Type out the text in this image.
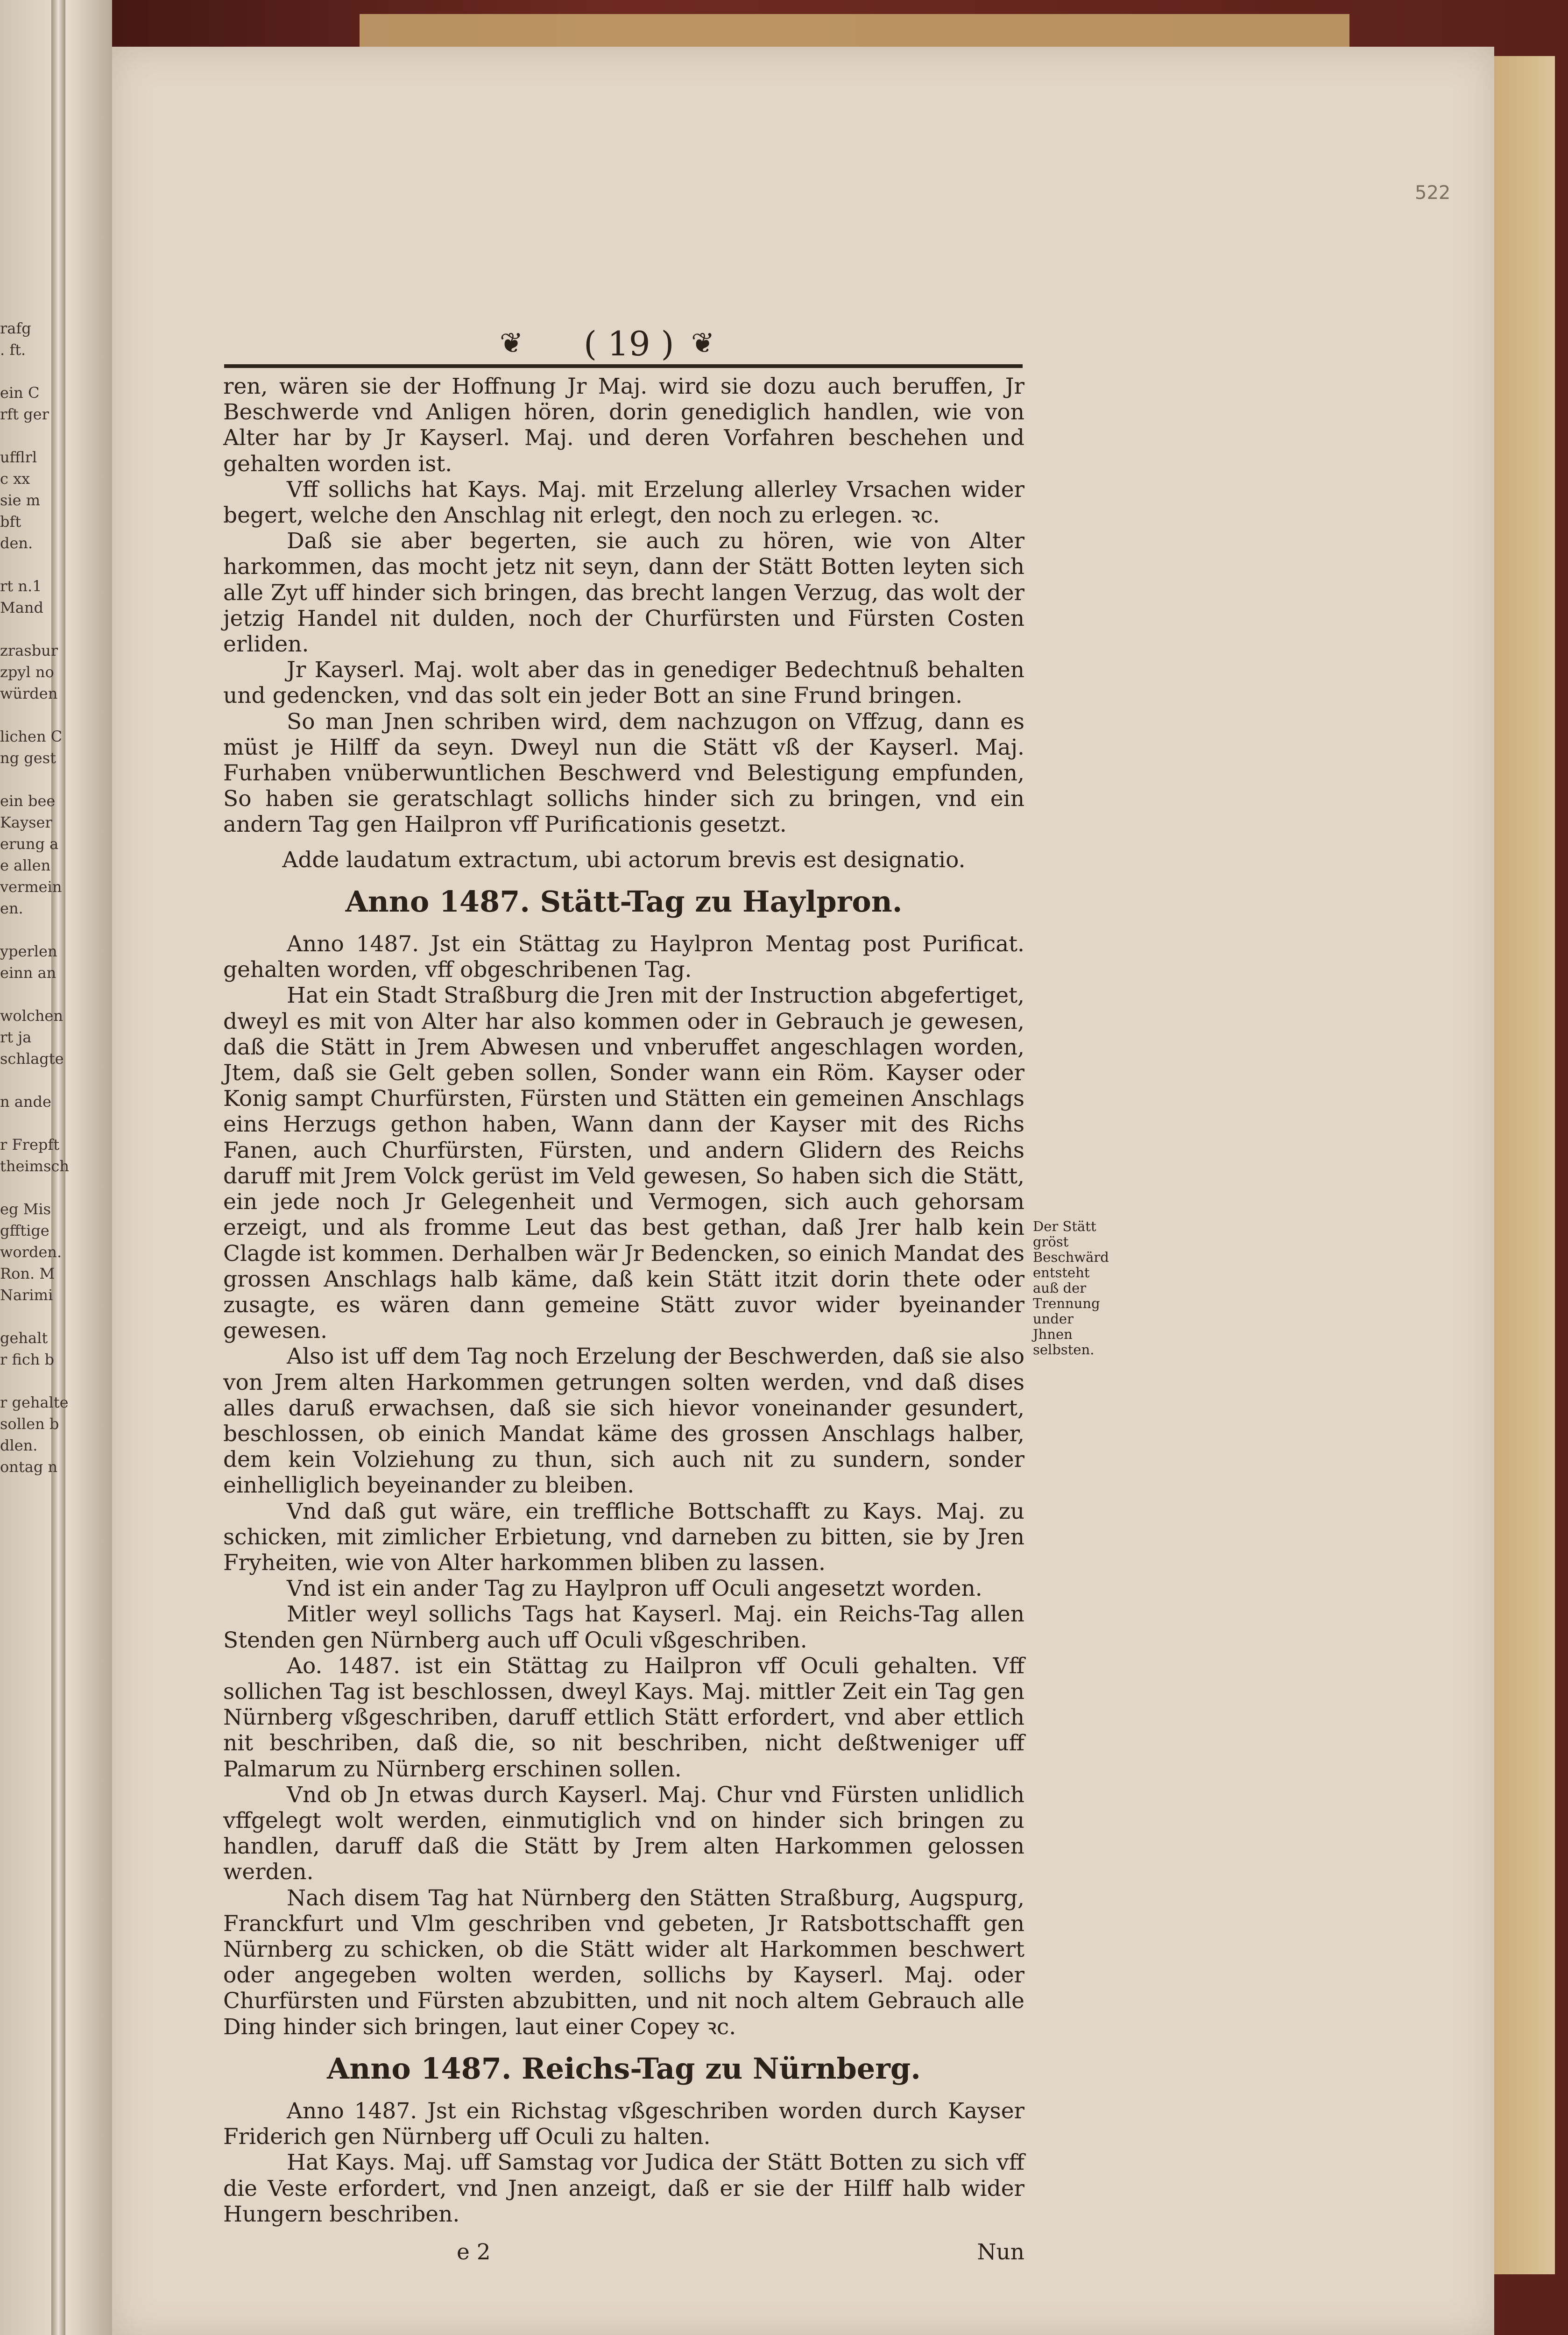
rafg
. ft.

ein C
rft ger

ufflrl
c xx
sie m
bft
den.

rt n.1
Mand

zrasbur
zpyl no
würden

lichen C
ng gest

ein bee
Kayser
erung a
e allen
vermein
en.

yperlen
einn an

wolchen
rt ja
schlagte

n ande

r Frepft
theimsch

eg Mis
gfftige
worden.
Ron. M
Narimi

gehalt
r fich b

r gehalte
sollen b
dlen.
ontag n
522
❦ ( 19 ) ❦

ren, wären sie der Hoffnung Jr Maj. wird sie dozu auch beruffen, Jr Beschwerde vnd Anligen hören, dorin genediglich handlen, wie von Alter har by Jr Kayserl. Maj. und deren Vorfahren beschehen und gehalten worden ist.

Vff sollichs hat Kays. Maj. mit Erzelung allerley Vrsachen wider begert, welche den Anschlag nit erlegt, den noch zu erlegen. ꝛc.

Daß sie aber begerten, sie auch zu hören, wie von Alter harkommen, das mocht jetz nit seyn, dann der Stätt Botten leyten sich alle Zyt uff hinder sich bringen, das brecht langen Verzug, das wolt der jetzig Handel nit dulden, noch der Churfürsten und Fürsten Costen erliden.

Jr Kayserl. Maj. wolt aber das in genediger Bedechtnuß behalten und gedencken, vnd das solt ein jeder Bott an sine Frund bringen.

So man Jnen schriben wird, dem nachzugon on Vffzug, dann es müst je Hilff da seyn. Dweyl nun die Stätt vß der Kayserl. Maj. Furhaben vnüberwuntlichen Beschwerd vnd Belestigung empfunden, So haben sie geratschlagt sollichs hinder sich zu bringen, vnd ein andern Tag gen Hailpron vff Purificationis gesetzt.

Adde laudatum extractum, ubi actorum brevis est designatio.

Anno 1487. Stätt-Tag zu Haylpron.

Anno 1487. Jst ein Stättag zu Haylpron Mentag post Purificat. gehalten worden, vff obgeschribenen Tag.

Hat ein Stadt Straßburg die Jren mit der Instruction abgefertiget, dweyl es mit von Alter har also kommen oder in Gebrauch je gewesen, daß die Stätt in Jrem Abwesen und vnberuffet angeschlagen worden, Jtem, daß sie Gelt geben sollen, Sonder wann ein Röm. Kayser oder Konig sampt Churfürsten, Fürsten und Stätten ein gemeinen Anschlags eins Herzugs gethon haben, Wann dann der Kayser mit des Richs Fanen, auch Churfürsten, Fürsten, und andern Glidern des Reichs daruff mit Jrem Volck gerüst im Veld gewesen, So haben sich die Stätt, ein jede noch Jr Gelegenheit und Vermogen, sich auch gehorsam erzeigt, und als fromme Leut das best gethan, daß Jrer halb kein Clagde ist kommen. Derhalben wär Jr Bedencken, so einich Mandat des grossen Anschlags halb käme, daß kein Stätt itzit dorin thete oder zusagte, es wären dann gemeine Stätt zuvor wider byeinander gewesen.

Also ist uff dem Tag noch Erzelung der Beschwerden, daß sie also von Jrem alten Harkommen getrungen solten werden, vnd daß dises alles daruß erwachsen, daß sie sich hievor voneinander gesundert, beschlossen, ob einich Mandat käme des grossen Anschlags halber, dem kein Volziehung zu thun, sich auch nit zu sundern, sonder einhelliglich beyeinander zu bleiben.

Vnd daß gut wäre, ein treffliche Bottschafft zu Kays. Maj. zu schicken, mit zimlicher Erbietung, vnd darneben zu bitten, sie by Jren Fryheiten, wie von Alter harkommen bliben zu lassen.

Vnd ist ein ander Tag zu Haylpron uff Oculi angesetzt worden.

Mitler weyl sollichs Tags hat Kayserl. Maj. ein Reichs-Tag allen Stenden gen Nürnberg auch uff Oculi vßgeschriben.

Ao. 1487. ist ein Stättag zu Hailpron vff Oculi gehalten. Vff sollichen Tag ist beschlossen, dweyl Kays. Maj. mittler Zeit ein Tag gen Nürnberg vßgeschriben, daruff ettlich Stätt erfordert, vnd aber ettlich nit beschriben, daß die, so nit beschriben, nicht deßtweniger uff Palmarum zu Nürnberg erschinen sollen.

Vnd ob Jn etwas durch Kayserl. Maj. Chur vnd Fürsten unlidlich vffgelegt wolt werden, einmutiglich vnd on hinder sich bringen zu handlen, daruff daß die Stätt by Jrem alten Harkommen gelossen werden.

Nach disem Tag hat Nürnberg den Stätten Straßburg, Augspurg, Franckfurt und Vlm geschriben vnd gebeten, Jr Ratsbottschafft gen Nürnberg zu schicken, ob die Stätt wider alt Harkommen beschwert oder angegeben wolten werden, sollichs by Kayserl. Maj. oder Churfürsten und Fürsten abzubitten, und nit noch altem Gebrauch alle Ding hinder sich bringen, laut einer Copey ꝛc.

Anno 1487. Reichs-Tag zu Nürnberg.

Anno 1487. Jst ein Richstag vßgeschriben worden durch Kayser Friderich gen Nürnberg uff Oculi zu halten.

Hat Kays. Maj. uff Samstag vor Judica der Stätt Botten zu sich vff die Veste erfordert, vnd Jnen anzeigt, daß er sie der Hilff halb wider Hungern beschriben.

e 2	Nun
Der Stätt gröst Beschwärd entsteht auß der Trennung under Jhnen selbsten.
